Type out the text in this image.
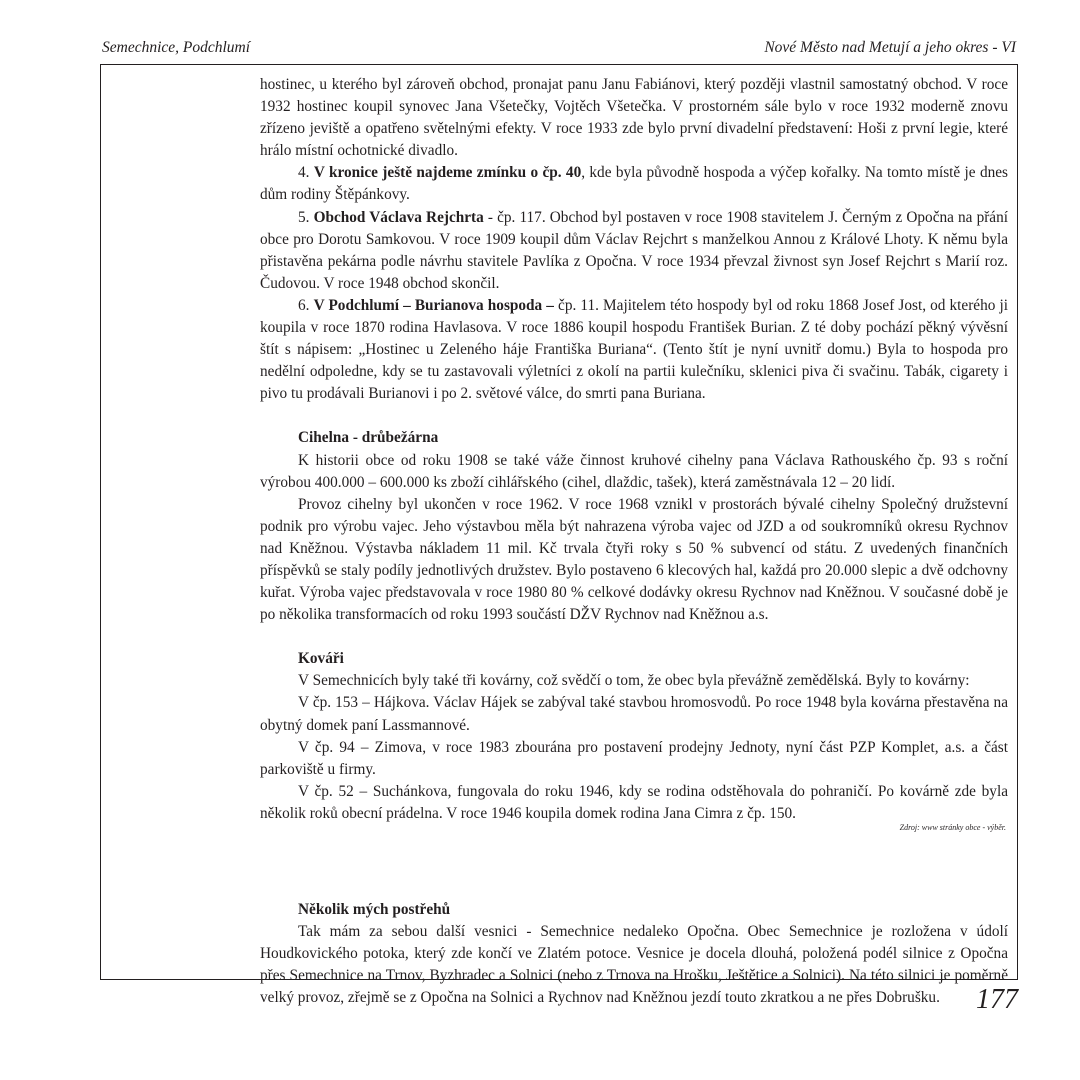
Semechnice, Podchlumí	Nové Město nad Metují a jeho okres - VI

hostinec, u kterého byl zároveň obchod, pronajat panu Janu Fabiánovi, který později vlastnil samostatný obchod. V roce 1932 hostinec koupil synovec Jana Všetečky, Vojtěch Všetečka. V prostorném sále bylo v roce 1932 moderně znovu zřízeno jeviště a opatřeno světelnými efekty. V roce 1933 zde bylo první divadelní představení: Hoši z první legie, které hrálo místní ochotnické divadlo.

4. V kronice ještě najdeme zmínku o čp. 40, kde byla původně hospoda a výčep kořalky. Na tomto místě je dnes dům rodiny Štěpánkovy.

5. Obchod Václava Rejchrta - čp. 117. Obchod byl postaven v roce 1908 stavitelem J. Černým z Opočna na přání obce pro Dorotu Samkovou. V roce 1909 koupil dům Václav Rejchrt s manželkou Annou z Králové Lhoty. K němu byla přistavěna pekárna podle návrhu stavitele Pavlíka z Opočna. V roce 1934 převzal živnost syn Josef Rejchrt s Marií roz. Čudovou. V roce 1948 obchod skončil.

6. V Podchlumí – Burianova hospoda – čp. 11. Majitelem této hospody byl od roku 1868 Josef Jost, od kterého ji koupila v roce 1870 rodina Havlasova. V roce 1886 koupil hospodu František Burian. Z té doby pochází pěkný vývěsní štít s nápisem: „Hostinec u Zeleného háje Františka Buriana“. (Tento štít je nyní uvnitř domu.) Byla to hospoda pro nedělní odpoledne, kdy se tu zastavovali výletníci z okolí na partii kulečníku, sklenici piva či svačinu. Tabák, cigarety i pivo tu prodávali Burianovi i po 2. světové válce, do smrti pana Buriana.

Cihelna - drůbežárna

K historii obce od roku 1908 se také váže činnost kruhové cihelny pana Václava Rathouského čp. 93 s roční výrobou 400.000 – 600.000 ks zboží cihlářského (cihel, dlaždic, tašek), která zaměstnávala 12 – 20 lidí.

Provoz cihelny byl ukončen v roce 1962. V roce 1968 vznikl v prostorách bývalé cihelny Společný družstevní podnik pro výrobu vajec. Jeho výstavbou měla být nahrazena výroba vajec od JZD a od soukromníků okresu Rychnov nad Kněžnou. Výstavba nákladem 11 mil. Kč trvala čtyři roky s 50 % subvencí od státu. Z uvedených finančních příspěvků se staly podíly jednotlivých družstev. Bylo postaveno 6 klecových hal, každá pro 20.000 slepic a dvě odchovny kuřat. Výroba vajec představovala v roce 1980 80 % celkové dodávky okresu Rychnov nad Kněžnou. V současné době je po několika transformacích od roku 1993 součástí DŽV Rychnov nad Kněžnou a.s.

Kováři

V Semechnicích byly také tři kovárny, což svědčí o tom, že obec byla převážně zemědělská. Byly to kovárny:

V čp. 153 – Hájkova. Václav Hájek se zabýval také stavbou hromosvodů. Po roce 1948 byla kovárna přestavěna na obytný domek paní Lassmannové.

V čp. 94 – Zimova, v roce 1983 zbourána pro postavení prodejny Jednoty, nyní část PZP Komplet, a.s. a část parkoviště u firmy.

V čp. 52 – Suchánkova, fungovala do roku 1946, kdy se rodina odstěhovala do pohraničí. Po kovárně zde byla několik roků obecní prádelna. V roce 1946 koupila domek rodina Jana Cimra z čp. 150.

Zdroj: www stránky obce - výběr.
Několik mých postřehů

Tak mám za sebou další vesnici - Semechnice nedaleko Opočna. Obec Semechnice je rozložena v údolí Houdkovického potoka, který zde končí ve Zlatém potoce. Vesnice je docela dlouhá, položená podél silnice z Opočna přes Semechnice na Trnov, Byzhradec a Solnici (nebo z Trnova na Hrošku, Ještětice a Solnici). Na této silnici je poměrně velký provoz, zřejmě se z Opočna na Solnici a Rychnov nad Kněžnou jezdí touto zkratkou a ne přes Dobrušku.	177
